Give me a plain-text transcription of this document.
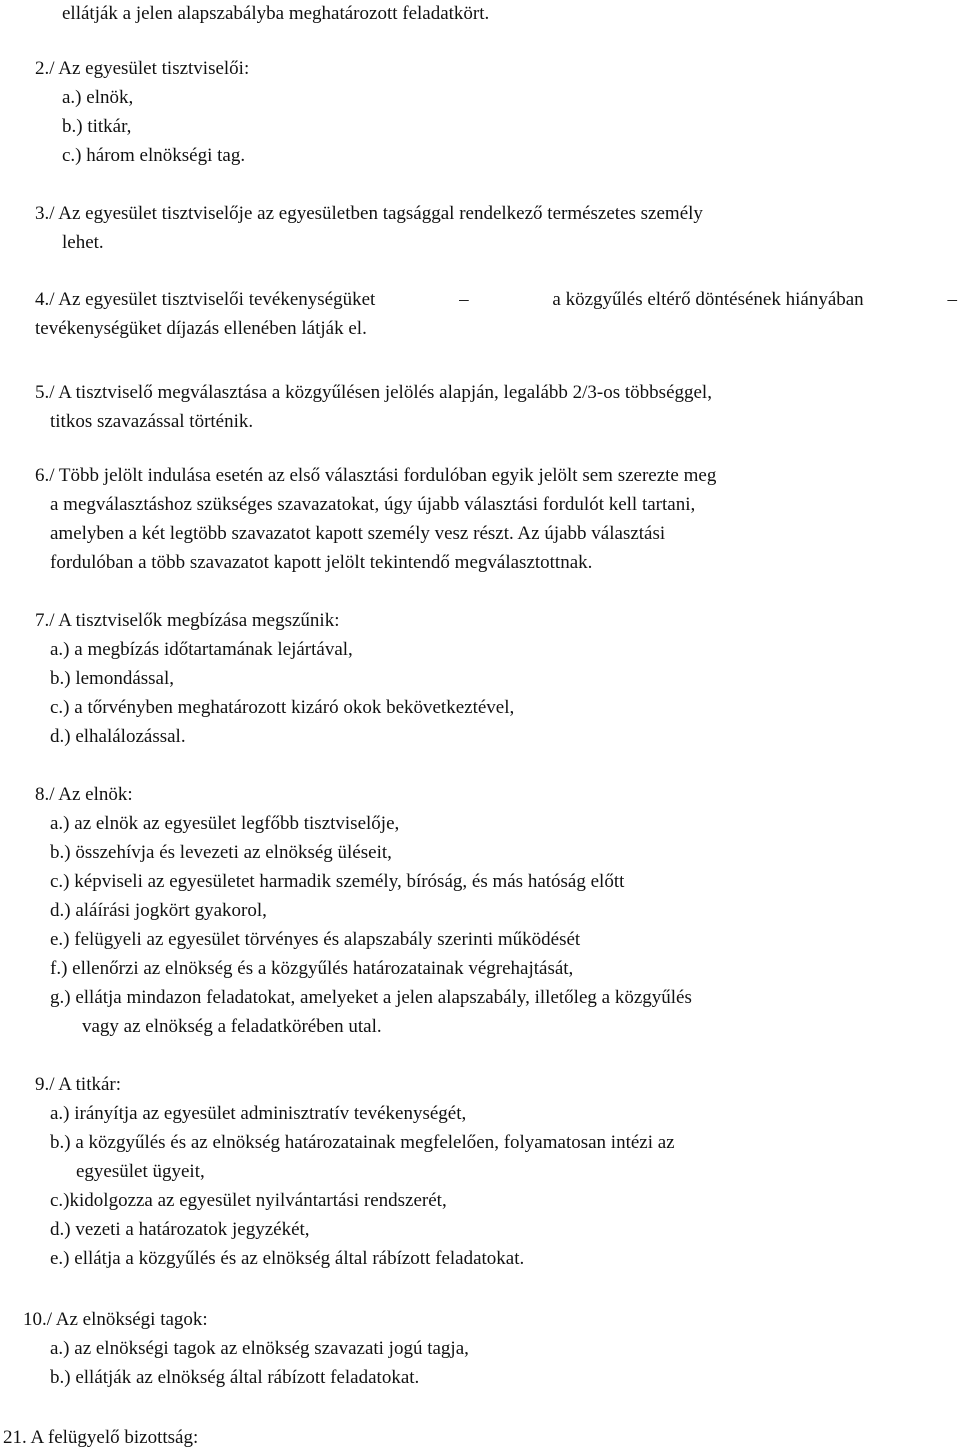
ellátják a jelen alapszabályba meghatározott feladatkört.
2./ Az egyesület tisztviselői:
a.) elnök,
b.) titkár,
c.) három elnökségi tag.
3./ Az egyesület tisztviselője az egyesületben tagsággal rendelkező természetes személy
lehet.
4./ Az egyesület tisztviselői tevékenységüket	–	a közgyűlés eltérő döntésének hiányában	–
tevékenységüket díjazás ellenében látják el.
5./ A tisztviselő megválasztása a közgyűlésen jelölés alapján, legalább 2/3-os többséggel,
titkos szavazással történik.
6./ Több jelölt indulása esetén az első választási fordulóban egyik jelölt sem szerezte meg
a megválasztáshoz szükséges szavazatokat, úgy újabb választási fordulót kell tartani,
amelyben a két legtöbb szavazatot kapott személy vesz részt. Az újabb választási
fordulóban a több szavazatot kapott jelölt tekintendő megválasztottnak.
7./ A tisztviselők megbízása megszűnik:
a.) a megbízás időtartamának lejártával,
b.) lemondással,
c.) a tőrvényben meghatározott kizáró okok bekövetkeztével,
d.) elhalálozással.
8./ Az elnök:
a.) az elnök az egyesület legfőbb tisztviselője,
b.) összehívja és levezeti az elnökség üléseit,
c.) képviseli az egyesületet harmadik személy, bíróság, és más hatóság előtt
d.) aláírási jogkört gyakorol,
e.) felügyeli az egyesület törvényes és alapszabály szerinti működését
f.) ellenőrzi az elnökség és a közgyűlés határozatainak végrehajtását,
g.) ellátja mindazon feladatokat, amelyeket a jelen alapszabály, illetőleg a közgyűlés
vagy az elnökség a feladatkörében utal.
9./ A titkár:
a.) irányítja az egyesület adminisztratív tevékenységét,
b.) a közgyűlés és az elnökség határozatainak megfelelően, folyamatosan intézi az
egyesület ügyeit,
c.)kidolgozza az egyesület nyilvántartási rendszerét,
d.) vezeti a határozatok jegyzékét,
e.) ellátja a közgyűlés és az elnökség által rábízott feladatokat.
10./ Az elnökségi tagok:
a.) az elnökségi tagok az elnökség szavazati jogú tagja,
b.) ellátják az elnökség által rábízott feladatokat.
21. A felügyelő bizottság:
